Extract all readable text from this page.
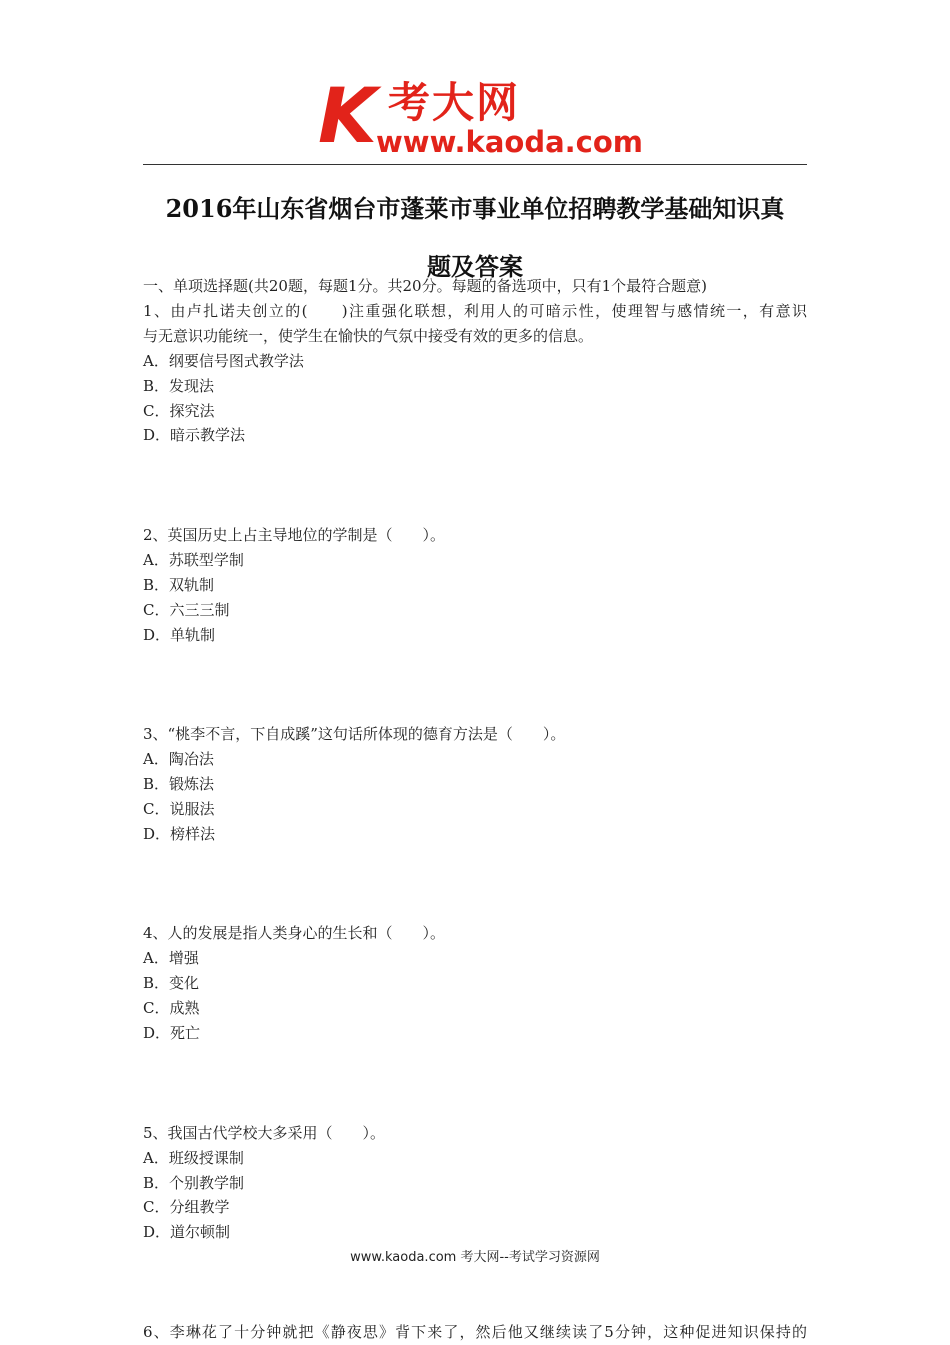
K 考大网
www.kaoda.com
2016年山东省烟台市蓬莱市事业单位招聘教学基础知识真
题及答案
一、单项选择题(共20题，每题1分。共20分。每题的备选项中，只有1个最符合题意)
1、由卢扎诺夫创立的(　　)注重强化联想，利用人的可暗示性，使理智与感情统一，有意识
与无意识功能统一，使学生在愉快的气氛中接受有效的更多的信息。
A．纲要信号图式教学法
B．发现法
C．探究法
D．暗示教学法
2、英国历史上占主导地位的学制是（　　）。
A．苏联型学制
B．双轨制
C．六三三制
D．单轨制
3、“桃李不言，下自成蹊”这句话所体现的德育方法是（　　）。
A．陶冶法
B．锻炼法
C．说服法
D．榜样法
4、人的发展是指人类身心的生长和（　　）。
A．增强
B．变化
C．成熟
D．死亡
5、我国古代学校大多采用（　　）。
A．班级授课制
B．个别教学制
C．分组教学
D．道尔顿制
6、李琳花了十分钟就把《静夜思》背下来了，然后他又继续读了5分钟，这种促进知识保持的
www.kaoda.com 考大网--考试学习资源网
